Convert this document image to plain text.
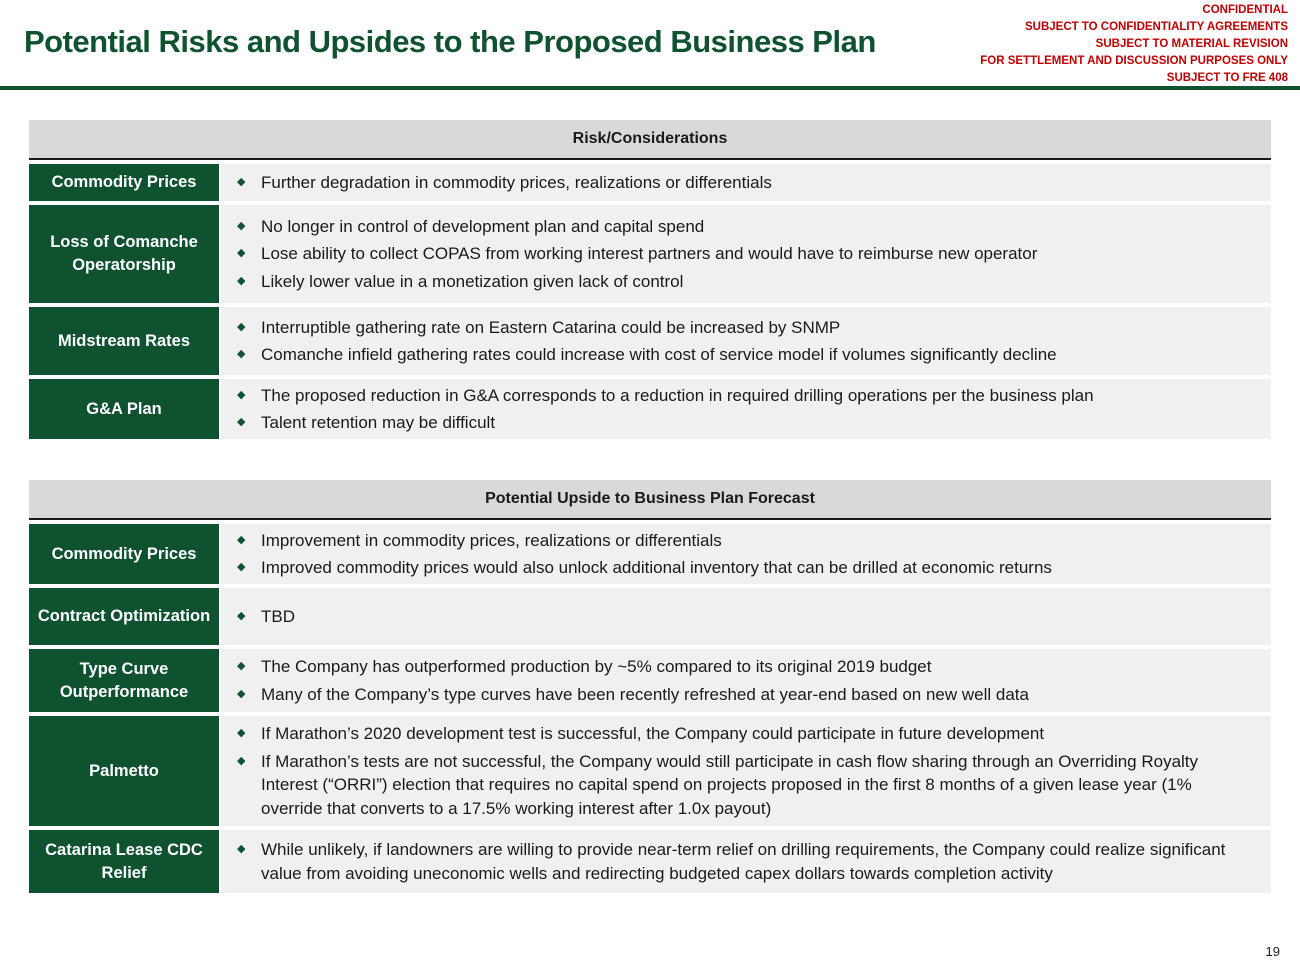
Potential Risks and Upsides to the Proposed Business Plan
CONFIDENTIAL
SUBJECT TO CONFIDENTIALITY AGREEMENTS
SUBJECT TO MATERIAL REVISION
FOR SETTLEMENT AND DISCUSSION PURPOSES ONLY
SUBJECT TO FRE 408
Risk/Considerations
Commodity Prices	◆ Further degradation in commodity prices, realizations or differentials
Loss of Comanche Operatorship
◆ No longer in control of development plan and capital spend
◆ Lose ability to collect COPAS from working interest partners and would have to reimburse new operator
◆ Likely lower value in a monetization given lack of control
Midstream Rates
◆ Interruptible gathering rate on Eastern Catarina could be increased by SNMP
◆ Comanche infield gathering rates could increase with cost of service model if volumes significantly decline
G&A Plan
◆ The proposed reduction in G&A corresponds to a reduction in required drilling operations per the business plan
◆ Talent retention may be difficult
Potential Upside to Business Plan Forecast
Commodity Prices
◆ Improvement in commodity prices, realizations or differentials
◆ Improved commodity prices would also unlock additional inventory that can be drilled at economic returns
Contract Optimization	◆ TBD
Type Curve Outperformance
◆ The Company has outperformed production by ~5% compared to its original 2019 budget
◆ Many of the Company’s type curves have been recently refreshed at year-end based on new well data
Palmetto
◆ If Marathon’s 2020 development test is successful, the Company could participate in future development
◆ If Marathon’s tests are not successful, the Company would still participate in cash flow sharing through an Overriding Royalty Interest (“ORRI”) election that requires no capital spend on projects proposed in the first 8 months of a given lease year (1% override that converts to a 17.5% working interest after 1.0x payout)
Catarina Lease CDC Relief
◆ While unlikely, if landowners are willing to provide near-term relief on drilling requirements, the Company could realize significant value from avoiding uneconomic wells and redirecting budgeted capex dollars towards completion activity
19
